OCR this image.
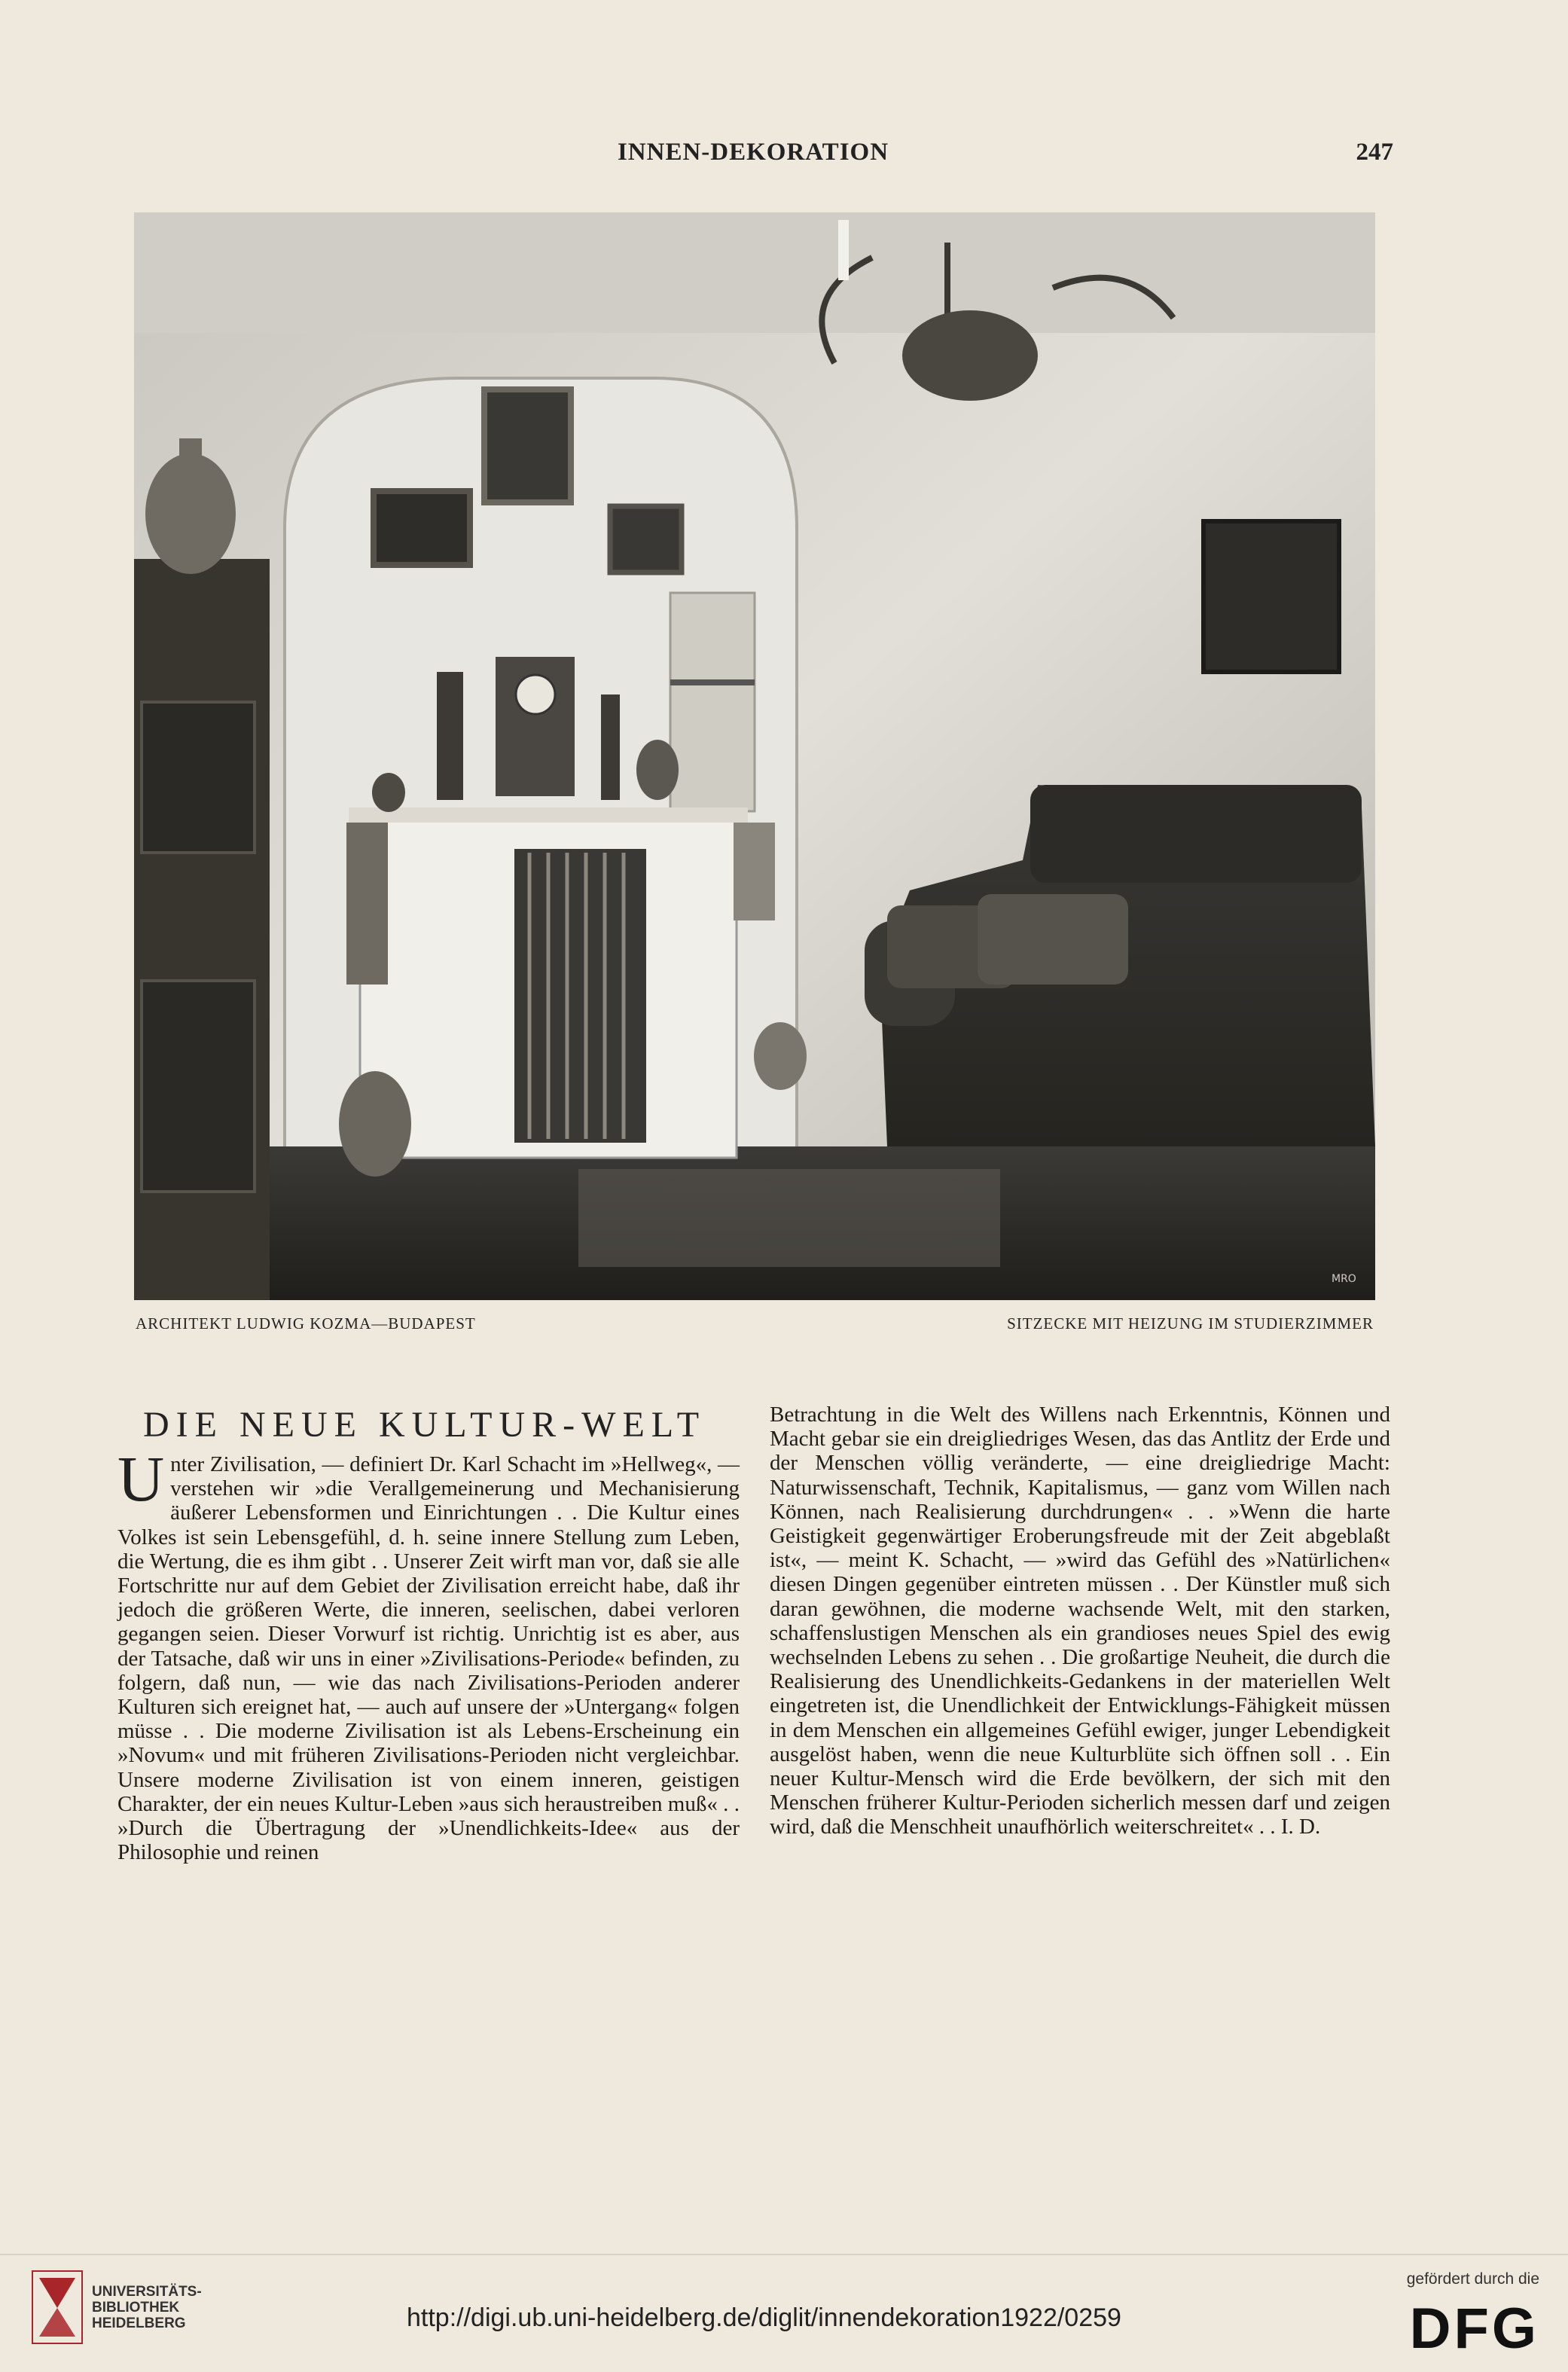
INNEN-DEKORATION	247
MRO
ARCHITEKT LUDWIG KOZMA—BUDAPEST	SITZECKE MIT HEIZUNG IM STUDIERZIMMER
DIE NEUE KULTUR-WELT

Unter Zivilisation, — definiert Dr. Karl Schacht im »Hellweg«, — verstehen wir »die Verallgemeinerung und Mechanisierung äußerer Lebensformen und Einrichtungen . . Die Kultur eines Volkes ist sein Lebensgefühl, d. h. seine innere Stellung zum Leben, die Wertung, die es ihm gibt . . Unserer Zeit wirft man vor, daß sie alle Fortschritte nur auf dem Gebiet der Zivilisation erreicht habe, daß ihr jedoch die größeren Werte, die inneren, seelischen, dabei verloren gegangen seien. Dieser Vorwurf ist richtig. Unrichtig ist es aber, aus der Tatsache, daß wir uns in einer »Zivilisations-Periode« befinden, zu folgern, daß nun, — wie das nach Zivilisations-Perioden anderer Kulturen sich ereignet hat, — auch auf unsere der »Untergang« folgen müsse . . Die moderne Zivilisation ist als Lebens-Erscheinung ein »Novum« und mit früheren Zivilisations-Perioden nicht vergleichbar. Unsere moderne Zivilisation ist von einem inneren, geistigen Charakter, der ein neues Kultur-Leben »aus sich heraustreiben muß« . . »Durch die Übertragung der »Unendlichkeits-Idee« aus der Philosophie und reinen

Betrachtung in die Welt des Willens nach Erkenntnis, Können und Macht gebar sie ein dreigliedriges Wesen, das das Antlitz der Erde und der Menschen völlig veränderte, — eine dreigliedrige Macht: Naturwissenschaft, Technik, Kapitalismus, — ganz vom Willen nach Können, nach Realisierung durchdrungen« . . »Wenn die harte Geistigkeit gegenwärtiger Eroberungsfreude mit der Zeit abgeblaßt ist«, — meint K. Schacht, — »wird das Gefühl des »Natürlichen« diesen Dingen gegenüber eintreten müssen . . Der Künstler muß sich daran gewöhnen, die moderne wachsende Welt, mit den starken, schaffenslustigen Menschen als ein grandioses neues Spiel des ewig wechselnden Lebens zu sehen . . Die großartige Neuheit, die durch die Realisierung des Unendlichkeits-Gedankens in der materiellen Welt eingetreten ist, die Unendlichkeit der Entwicklungs-Fähigkeit müssen in dem Menschen ein allgemeines Gefühl ewiger, junger Lebendigkeit ausgelöst haben, wenn die neue Kulturblüte sich öffnen soll . . Ein neuer Kultur-Mensch wird die Erde bevölkern, der sich mit den Menschen früherer Kultur-Perioden sicherlich messen darf und zeigen wird, daß die Menschheit unaufhörlich weiterschreitet« . . I. D.

UNIVERSITÄTS-
BIBLIOTHEK
HEIDELBERG	http://digi.ub.uni-heidelberg.de/diglit/innendekoration1922/0259
gefördert durch die
DFG
